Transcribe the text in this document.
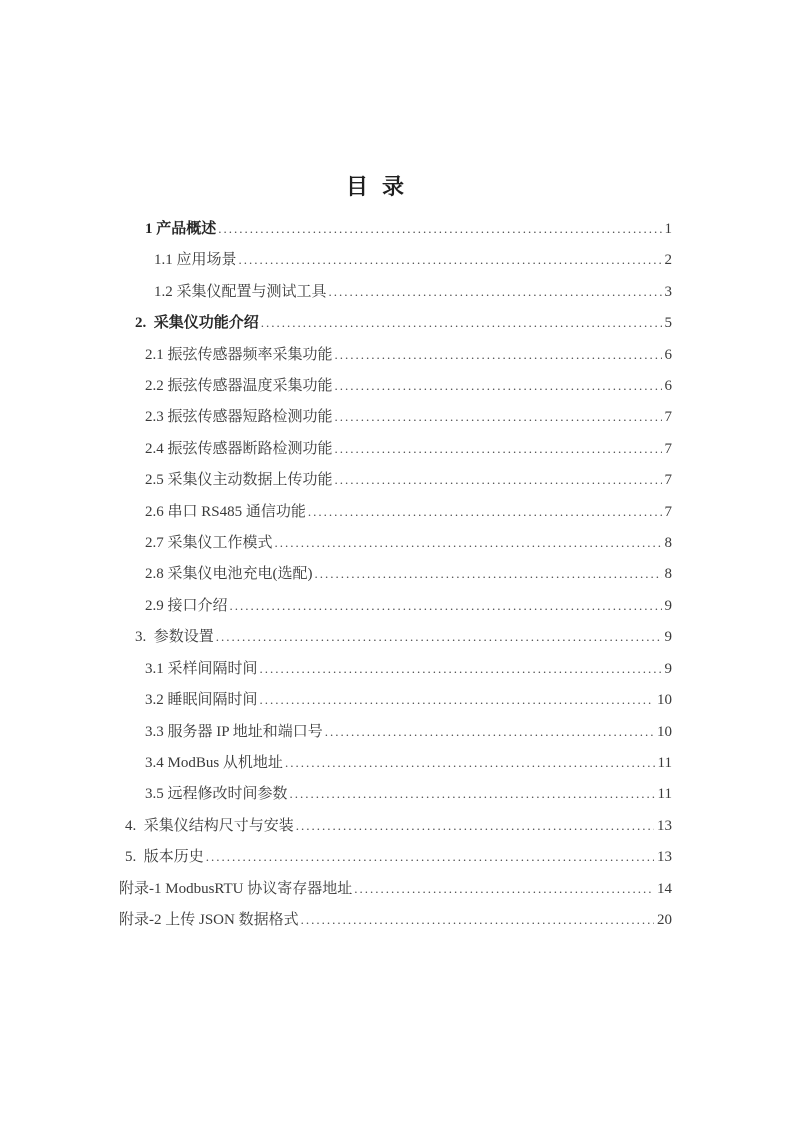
目  录
1 产品概述 .....	1
1.1 应用场景 .....	2
1.2 采集仪配置与测试工具 .....	3
2.  采集仪功能介绍 .....	5
2.1 振弦传感器频率采集功能 .....	6
2.2 振弦传感器温度采集功能 .....	6
2.3 振弦传感器短路检测功能 .....	7
2.4 振弦传感器断路检测功能 .....	7
2.5 采集仪主动数据上传功能 .....	7
2.6 串口 RS485 通信功能 .....	7
2.7 采集仪工作模式 .....	8
2.8 采集仪电池充电(选配) .....	8
2.9 接口介绍 .....	9
3.  参数设置 .....	9
3.1 采样间隔时间 .....	9
3.2 睡眠间隔时间 .....	10
3.3 服务器 IP 地址和端口号 .....	10
3.4 ModBus 从机地址 .....	11
3.5 远程修改时间参数 .....	11
4.  采集仪结构尺寸与安装 .....	13
5.  版本历史 .....	13
附录-1 ModbusRTU 协议寄存器地址 .....	14
附录-2 上传 JSON 数据格式 .....	20
